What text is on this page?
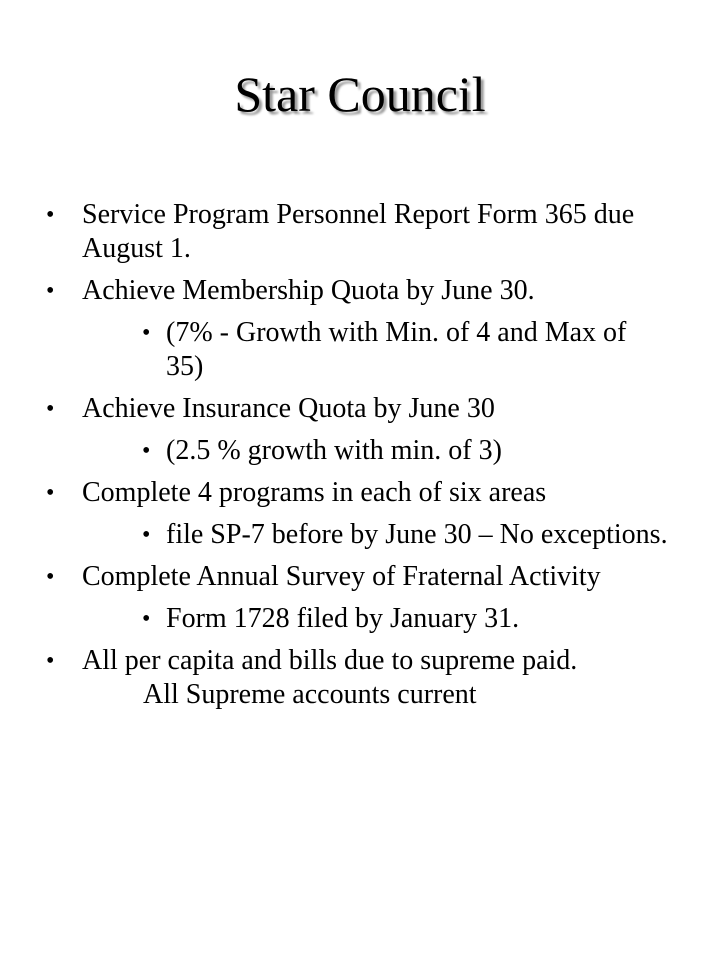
Star Council
• Service Program Personnel Report Form 365 due August 1.
• Achieve Membership Quota by June 30.
• (7% - Growth with Min. of 4 and Max of 35)
• Achieve Insurance Quota by June 30
• (2.5 % growth with min. of 3)
• Complete 4 programs in each of six areas
• file SP-7 before by June 30 – No exceptions.
• Complete Annual Survey of Fraternal Activity
• Form 1728 filed by January 31.
• All per capita and bills due to supreme paid.
All Supreme accounts current
